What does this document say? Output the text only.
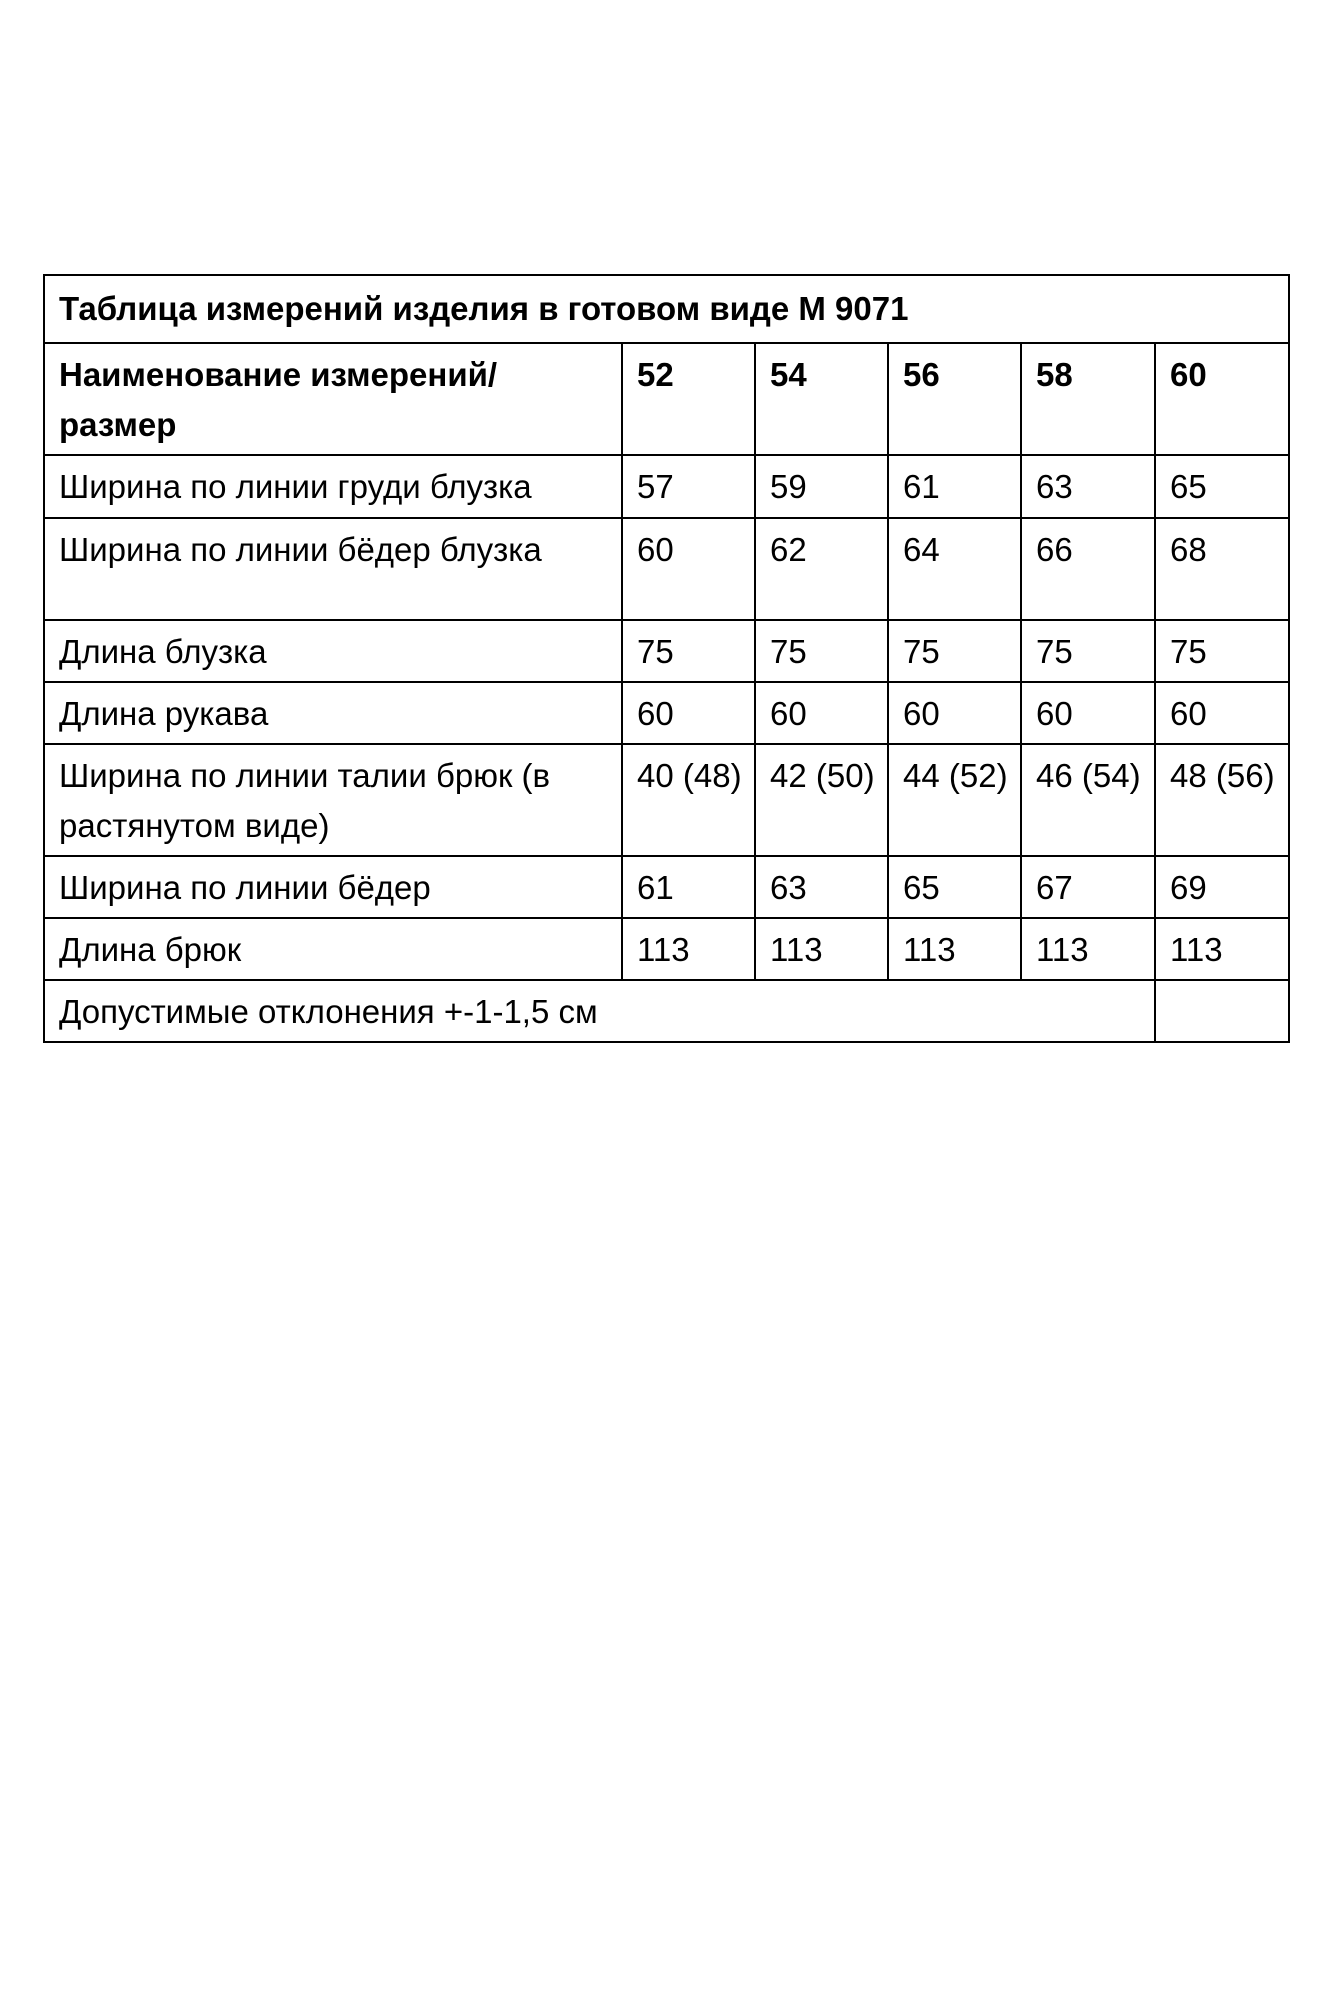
Таблица измерений изделия в готовом виде М 9071					
Наименование измерений/размер	52	54	56	58	60
Ширина по линии груди блузка	57	59	61	63	65
Ширина по линии бёдер блузка	60	62	64	66	68
Длина блузка	75	75	75	75	75
Длина рукава	60	60	60	60	60
Ширина по линии талии брюк (в растянутом виде)	40 (48)	42 (50)	44 (52)	46 (54)	48 (56)
Ширина по линии бёдер	61	63	65	67	69
Длина брюк	113	113	113	113	113
Допустимые отклонения +-1-1,5 см					
